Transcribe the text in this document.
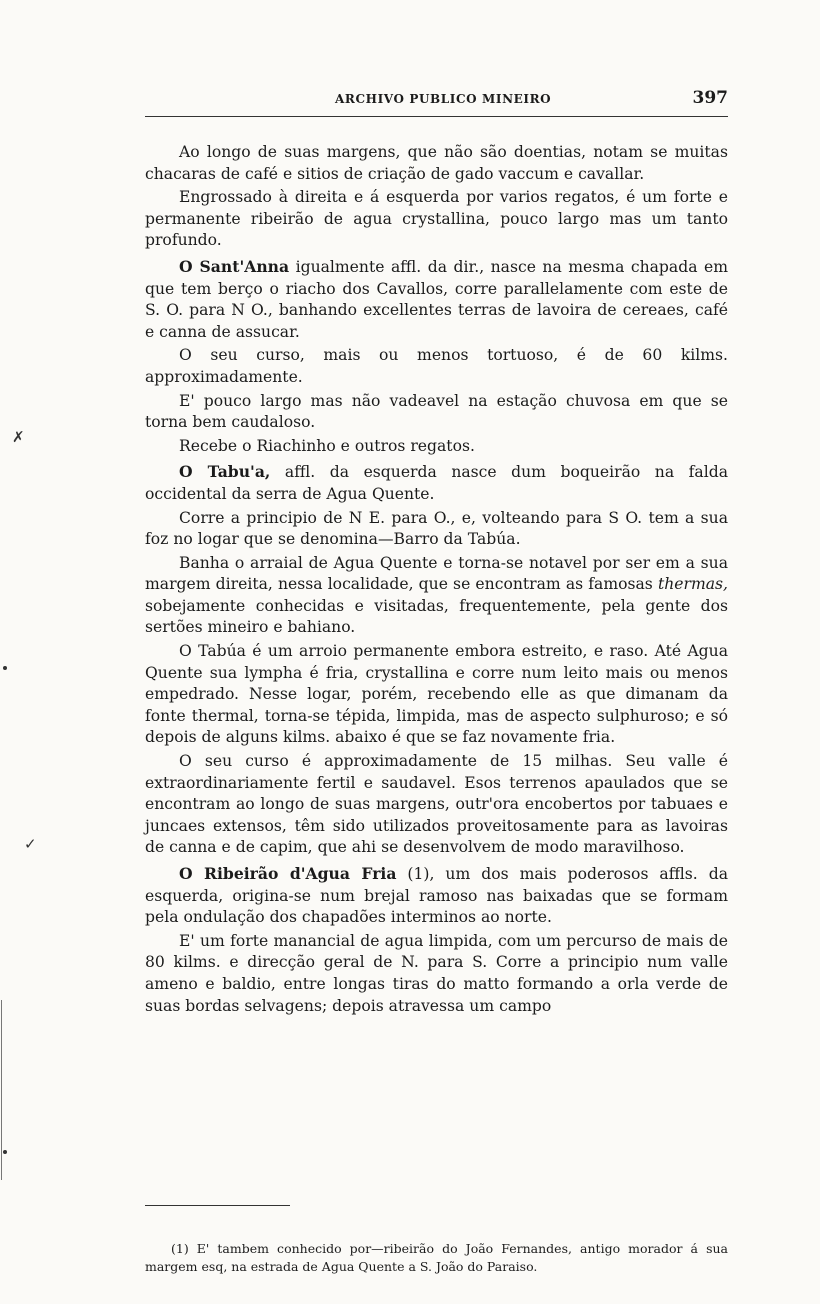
ARCHIVO PUBLICO MINEIRO	397

Ao longo de suas margens, que não são doentias, notam se muitas chacaras de café e sitios de criação de gado vaccum e cavallar.

Engrossado à direita e á esquerda por varios regatos, é um forte e permanente ribeirão de agua crystallina, pouco largo mas um tanto profundo.

O Sant'Anna igualmente affl. da dir., nasce na mesma chapada em que tem berço o riacho dos Cavallos, corre parallelamente com este de S. O. para N O., banhando excellentes terras de lavoira de cereaes, café e canna de assucar.

O seu curso, mais ou menos tortuoso, é de 60 kilms. approximadamente.

E' pouco largo mas não vadeavel na estação chuvosa em que se torna bem caudaloso.

Recebe o Riachinho e outros regatos.

O Tabu'a, affl. da esquerda nasce dum boqueirão na falda occidental da serra de Agua Quente.

Corre a principio de N E. para O., e, volteando para S O. tem a sua foz no logar que se denomina—Barro da Tabúa.

Banha o arraial de Agua Quente e torna-se notavel por ser em a sua margem direita, nessa localidade, que se encontram as famosas thermas, sobejamente conhecidas e visitadas, frequentemente, pela gente dos sertões mineiro e bahiano.

O Tabúa é um arroio permanente embora estreito, e raso. Até Agua Quente sua lympha é fria, crystallina e corre num leito mais ou menos empedrado. Nesse logar, porém, recebendo elle as que dimanam da fonte thermal, torna-se tépida, limpida, mas de aspecto sulphuroso; e só depois de alguns kilms. abaixo é que se faz novamente fria.

O seu curso é approximadamente de 15 milhas. Seu valle é extraordinariamente fertil e saudavel. Esos terrenos apaulados que se encontram ao longo de suas margens, outr'ora encobertos por tabuaes e juncaes extensos, têm sido utilizados proveitosamente para as lavoiras de canna e de capim, que ahi se desenvolvem de modo maravilhoso.

O Ribeirão d'Agua Fria (1), um dos mais poderosos affls. da esquerda, origina-se num brejal ramoso nas baixadas que se formam pela ondulação dos chapadões interminos ao norte.

E' um forte manancial de agua limpida, com um percurso de mais de 80 kilms. e direcção geral de N. para S. Corre a principio num valle ameno e baldio, entre longas tiras do matto formando a orla verde de suas bordas selvagens; depois atravessa um campo

(1) E' tambem conhecido por—ribeirão do João Fernandes, antigo morador á sua margem esq, na estrada de Agua Quente a S. João do Paraiso.

✗
✓
